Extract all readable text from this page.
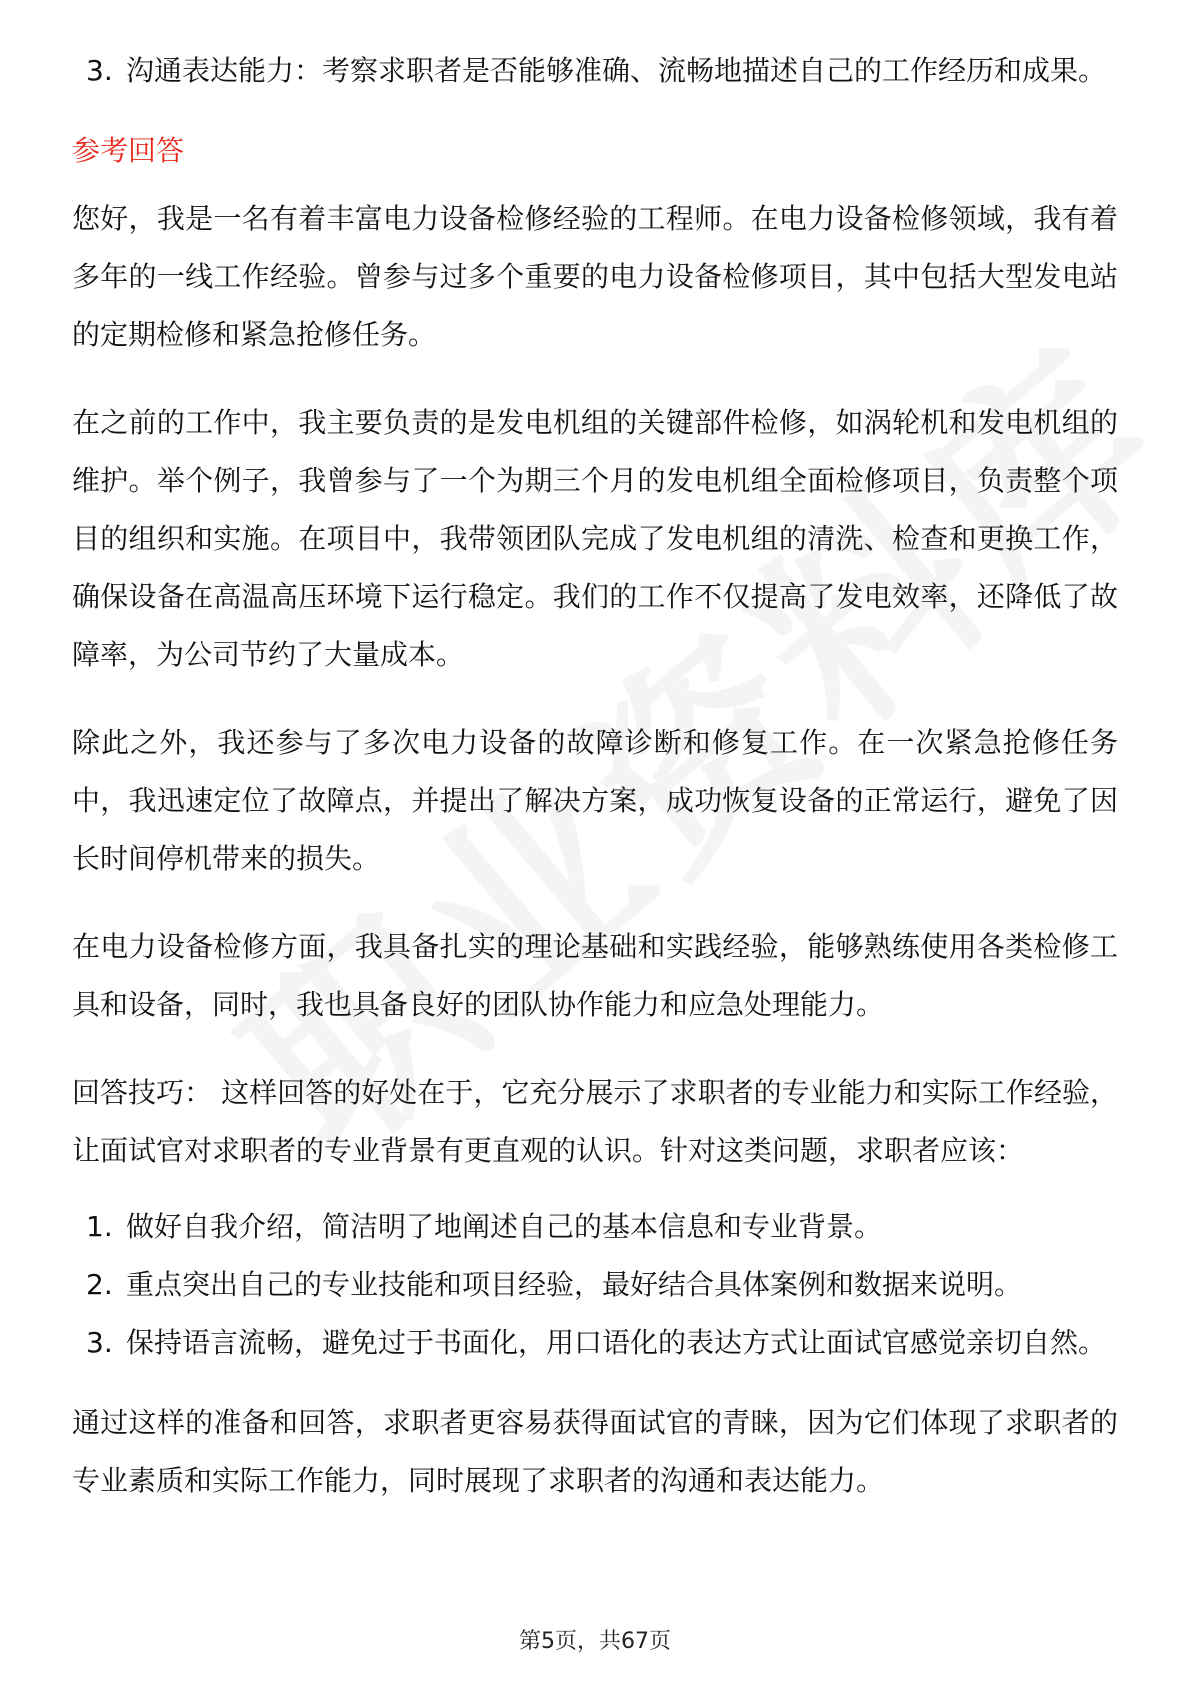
3. 沟通表达能力：考察求职者是否能够准确、流畅地描述自己的工作经历和成果。
参考回答

您好，我是一名有着丰富电力设备检修经验的工程师。在电力设备检修领域，我有着多年的一线工作经验。曾参与过多个重要的电力设备检修项目，其中包括大型发电站的定期检修和紧急抢修任务。

在之前的工作中，我主要负责的是发电机组的关键部件检修，如涡轮机和发电机组的维护。举个例子，我曾参与了一个为期三个月的发电机组全面检修项目，负责整个项目的组织和实施。在项目中，我带领团队完成了发电机组的清洗、检查和更换工作，确保设备在高温高压环境下运行稳定。我们的工作不仅提高了发电效率，还降低了故障率，为公司节约了大量成本。

除此之外，我还参与了多次电力设备的故障诊断和修复工作。在一次紧急抢修任务中，我迅速定位了故障点，并提出了解决方案，成功恢复设备的正常运行，避免了因长时间停机带来的损失。

在电力设备检修方面，我具备扎实的理论基础和实践经验，能够熟练使用各类检修工具和设备，同时，我也具备良好的团队协作能力和应急处理能力。

回答技巧： 这样回答的好处在于，它充分展示了求职者的专业能力和实际工作经验，让面试官对求职者的专业背景有更直观的认识。针对这类问题，求职者应该：

1. 做好自我介绍，简洁明了地阐述自己的基本信息和专业背景。
2. 重点突出自己的专业技能和项目经验，最好结合具体案例和数据来说明。
3. 保持语言流畅，避免过于书面化，用口语化的表达方式让面试官感觉亲切自然。

通过这样的准备和回答，求职者更容易获得面试官的青睐，因为它们体现了求职者的专业素质和实际工作能力，同时展现了求职者的沟通和表达能力。

第5页，共67页
